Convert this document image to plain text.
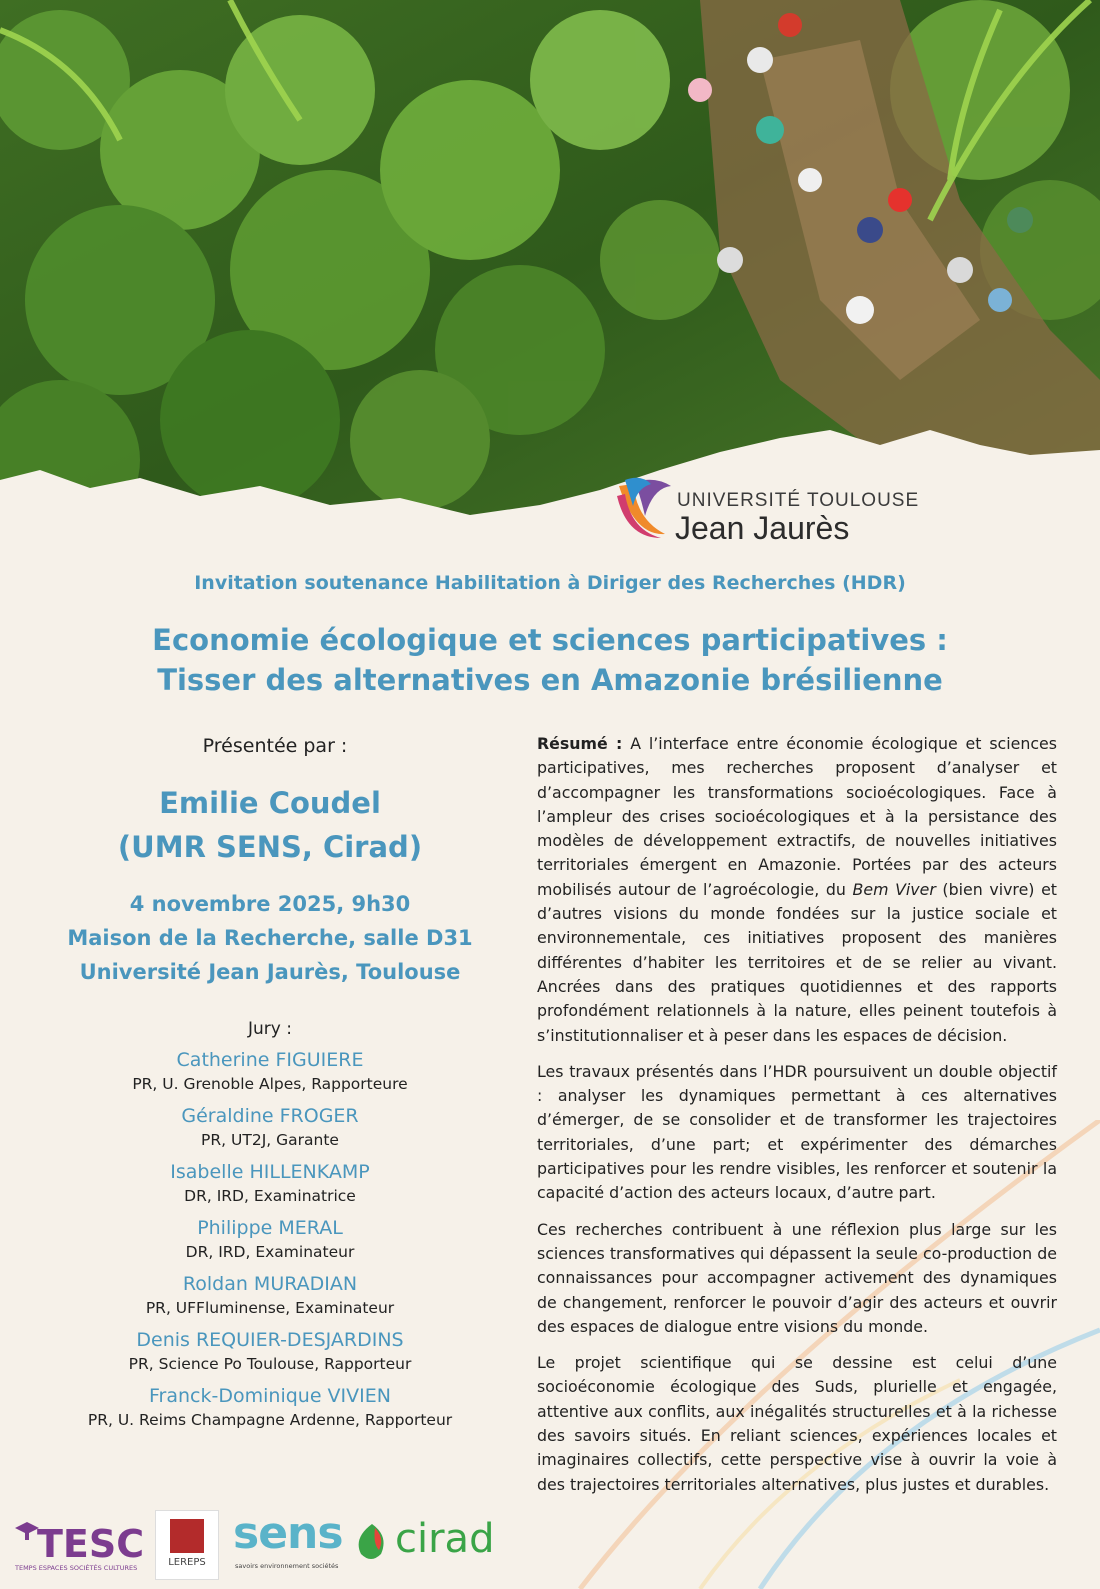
UNIVERSITÉ TOULOUSE
Jean Jaurès
Invitation soutenance Habilitation à Diriger des Recherches (HDR)
Economie écologique et sciences participatives :
Tisser des alternatives en Amazonie brésilienne
Présentée par :
Emilie Coudel
(UMR SENS, Cirad)
4 novembre 2025, 9h30
Maison de la Recherche, salle D31
Université Jean Jaurès, Toulouse
Jury :
Catherine FIGUIERE
PR, U. Grenoble Alpes, Rapporteure
Géraldine FROGER
PR, UT2J, Garante
Isabelle HILLENKAMP
DR, IRD, Examinatrice
Philippe MERAL
DR, IRD, Examinateur
Roldan MURADIAN
PR, UFFluminense, Examinateur
Denis REQUIER-DESJARDINS
PR, Science Po Toulouse, Rapporteur
Franck-Dominique VIVIEN
PR, U. Reims Champagne Ardenne, Rapporteur

Résumé : A l’interface entre économie écologique et sciences participatives, mes recherches proposent d’analyser et d’accompagner les transformations socioécologiques. Face à l’ampleur des crises socioécologiques et à la persistance des modèles de développement extractifs, de nouvelles initiatives territoriales émergent en Amazonie. Portées par des acteurs mobilisés autour de l’agroécologie, du Bem Viver (bien vivre) et d’autres visions du monde fondées sur la justice sociale et environnementale, ces initiatives proposent des manières différentes d’habiter les territoires et de se relier au vivant. Ancrées dans des pratiques quotidiennes et des rapports profondément relationnels à la nature, elles peinent toutefois à s’institutionnaliser et à peser dans les espaces de décision.

Les travaux présentés dans l’HDR poursuivent un double objectif : analyser les dynamiques permettant à ces alternatives d’émerger, de se consolider et de transformer les trajectoires territoriales, d’une part; et expérimenter des démarches participatives pour les rendre visibles, les renforcer et soutenir la capacité d’action des acteurs locaux, d’autre part.

Ces recherches contribuent à une réflexion plus large sur les sciences transformatives qui dépassent la seule co-production de connaissances pour accompagner activement des dynamiques de changement, renforcer le pouvoir d’agir des acteurs et ouvrir des espaces de dialogue entre visions du monde.

Le projet scientifique qui se dessine est celui d’une socioéconomie écologique des Suds, plurielle et engagée, attentive aux conflits, aux inégalités structurelles et à la richesse des savoirs situés. En reliant sciences, expériences locales et imaginaires collectifs, cette perspective vise à ouvrir la voie à des trajectoires territoriales alternatives, plus justes et durables.

TESC
TEMPS ESPACES SOCIÉTÉS CULTURES	LEREPS
sens
savoirs environnement sociétés
cirad
